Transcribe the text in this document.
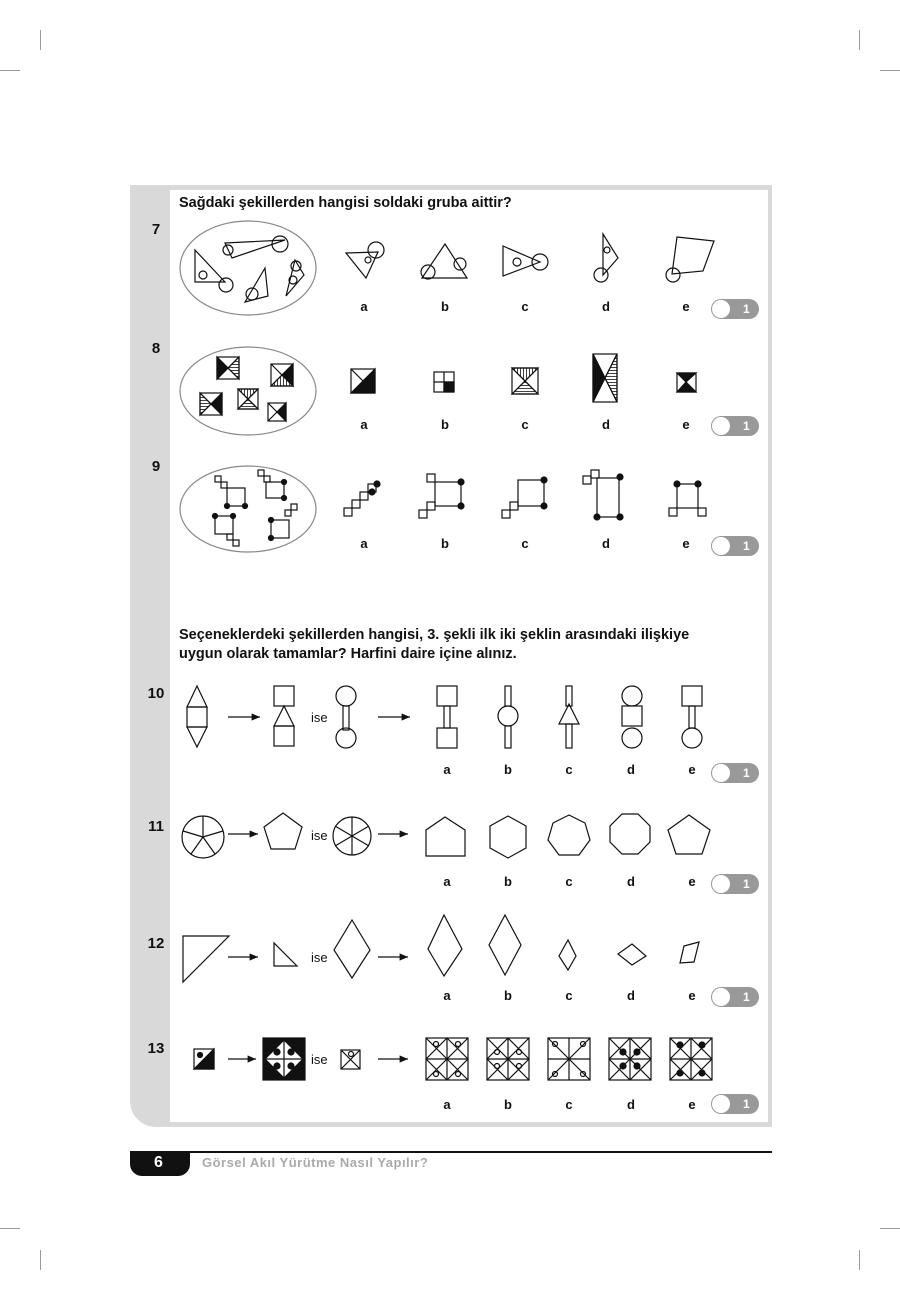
Sağdaki şekillerden hangisi soldaki gruba aittir?
Seçeneklerdeki şekillerden hangisi, 3. şekli ilk iki şeklin arasındaki ilişkiye
uygun olarak tamamlar? Harfini daire içine alınız.
7
8
9
10
11
12
13
a	b	c	d	e
a	b	c	d	e
a	b	c	d	e
a	b	c	d	e
a	b	c	d	e
a	b	c	d	e
a	b	c	d	e
ise
ise
ise
ise
1
1
1
1
1
1
1
6	Görsel Akıl Yürütme Nasıl Yapılır?
